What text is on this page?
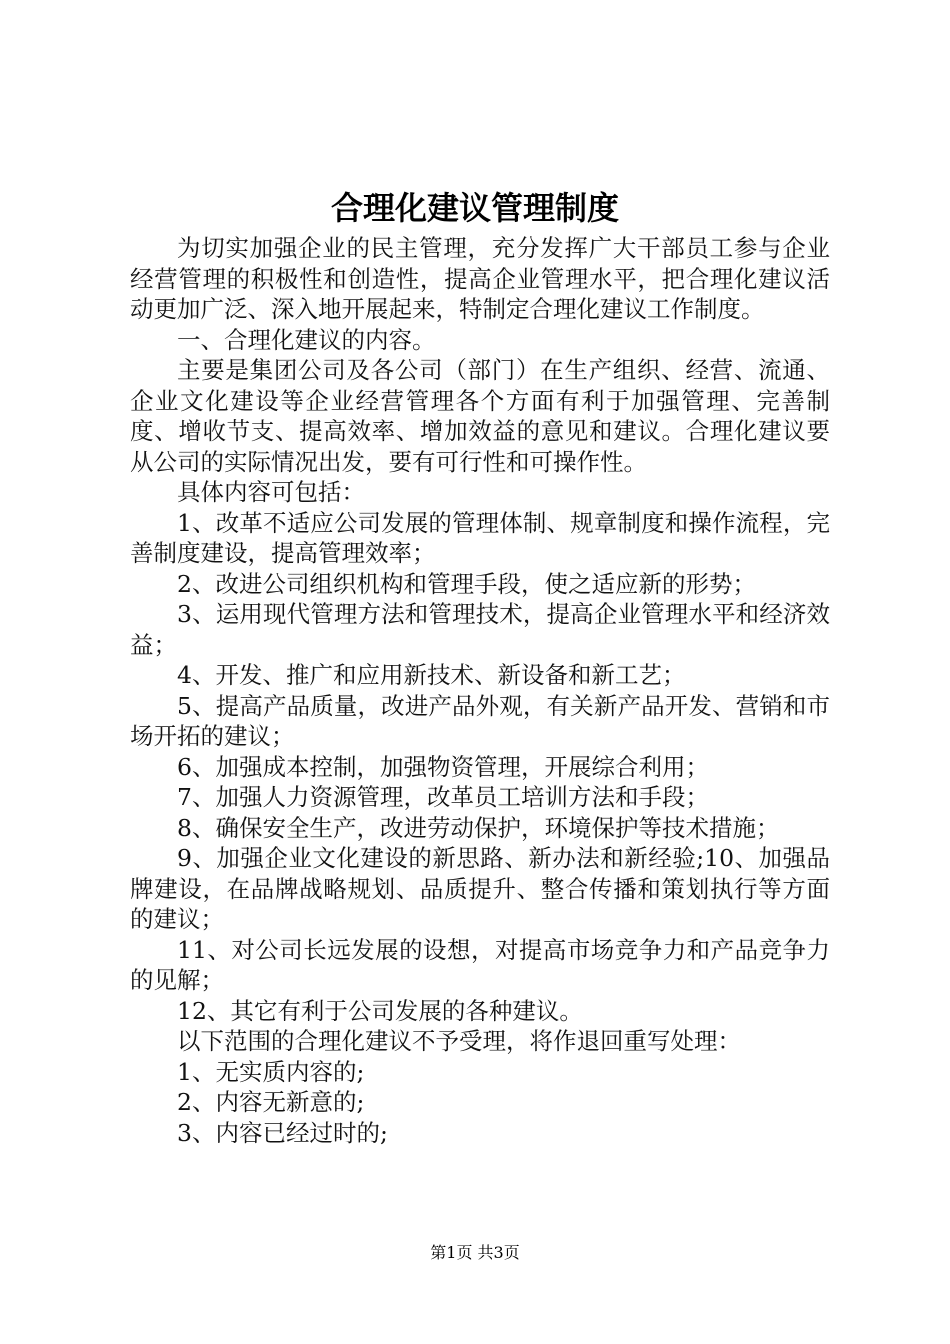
合理化建议管理制度

为切实加强企业的民主管理，充分发挥广大干部员工参与企业经营管理的积极性和创造性，提高企业管理水平，把合理化建议活动更加广泛、深入地开展起来，特制定合理化建议工作制度。

一、合理化建议的内容。

主要是集团公司及各公司（部门）在生产组织、经营、流通、企业文化建设等企业经营管理各个方面有利于加强管理、完善制度、增收节支、提高效率、增加效益的意见和建议。合理化建议要从公司的实际情况出发，要有可行性和可操作性。

具体内容可包括：

1、改革不适应公司发展的管理体制、规章制度和操作流程，完善制度建设，提高管理效率；

2、改进公司组织机构和管理手段，使之适应新的形势；

3、运用现代管理方法和管理技术，提高企业管理水平和经济效益；

4、开发、推广和应用新技术、新设备和新工艺；

5、提高产品质量，改进产品外观，有关新产品开发、营销和市场开拓的建议；

6、加强成本控制，加强物资管理，开展综合利用；

7、加强人力资源管理，改革员工培训方法和手段；

8、确保安全生产，改进劳动保护，环境保护等技术措施；

9、加强企业文化建设的新思路、新办法和新经验;10、加强品牌建设，在品牌战略规划、品质提升、整合传播和策划执行等方面的建议；

11、对公司长远发展的设想，对提高市场竞争力和产品竞争力的见解；

12、其它有利于公司发展的各种建议。

以下范围的合理化建议不予受理，将作退回重写处理：

1、无实质内容的;

2、内容无新意的;

3、内容已经过时的;

第1页 共3页
